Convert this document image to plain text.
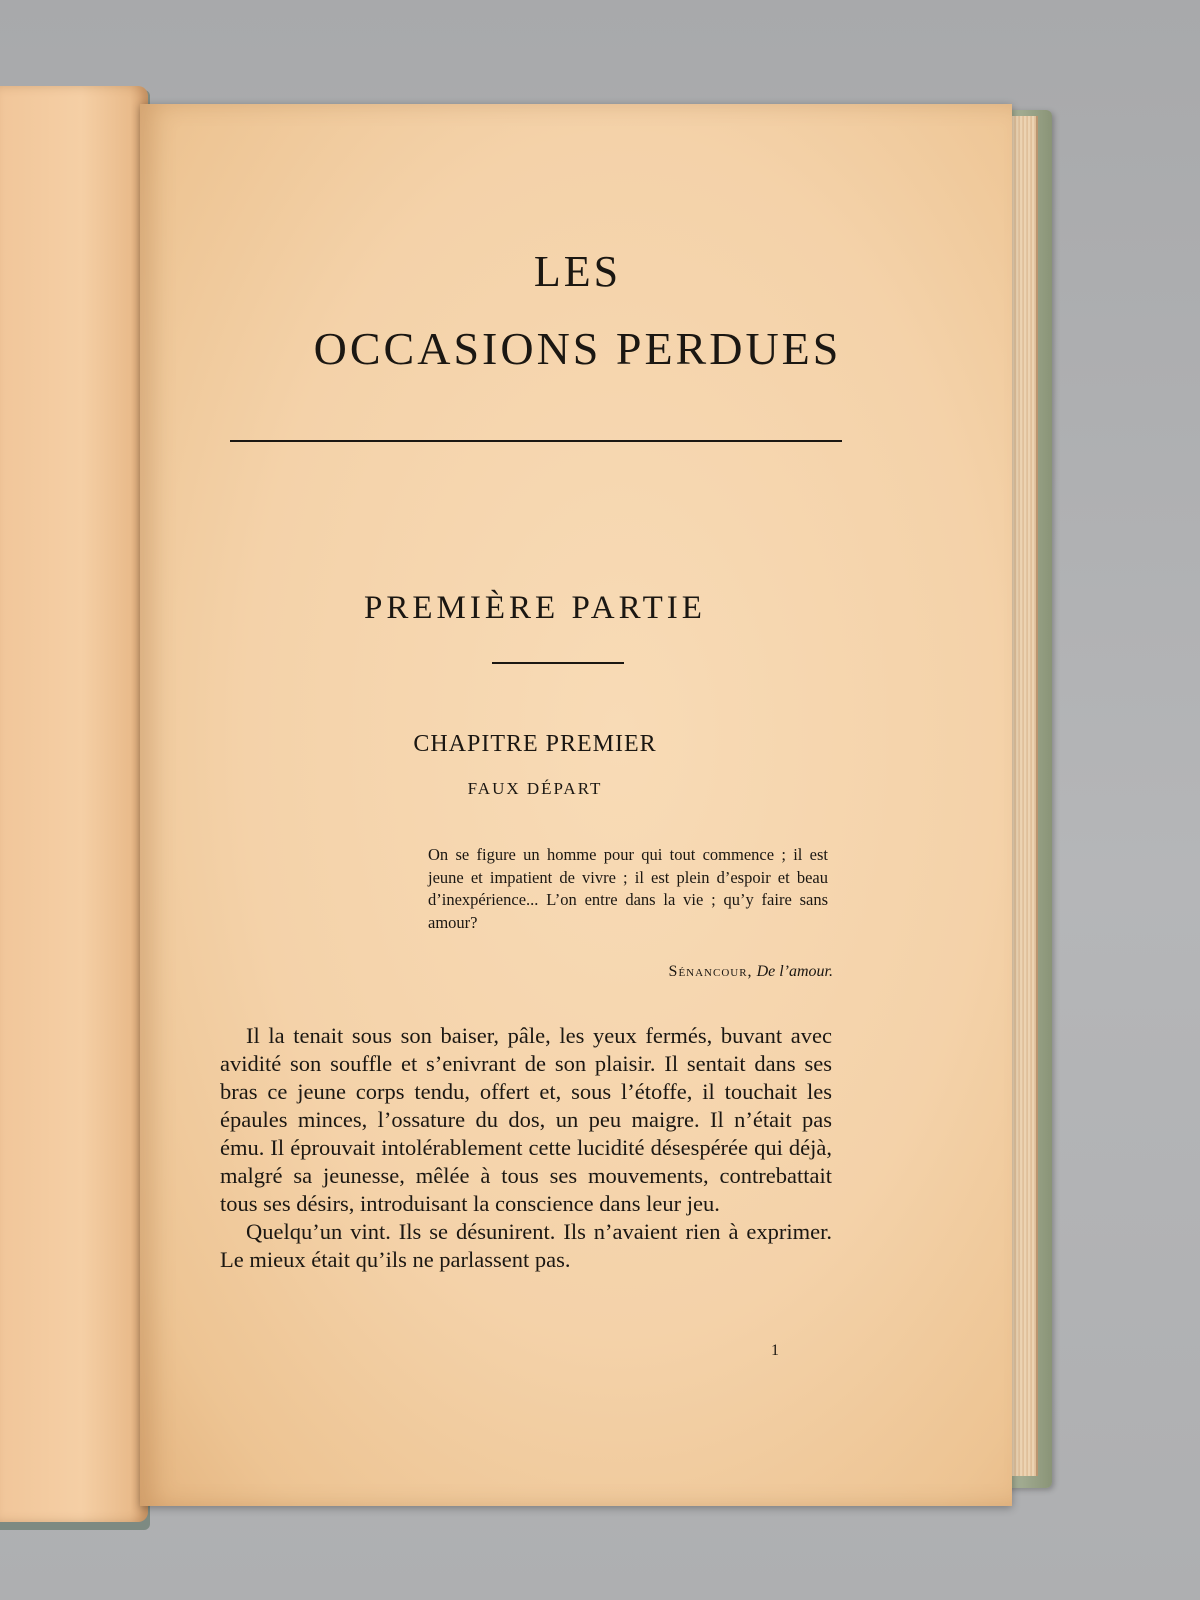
LES
OCCASIONS PERDUES
PREMIÈRE PARTIE
CHAPITRE PREMIER
FAUX DÉPART
On se figure un homme pour qui tout commence ; il est jeune et impatient de vivre ; il est plein d’espoir et beau d’inexpérience... L’on entre dans la vie ; qu’y faire sans amour?
Sénancour, De l’amour.

Il la tenait sous son baiser, pâle, les yeux fermés, buvant avec avidité son souffle et s’enivrant de son plaisir. Il sentait dans ses bras ce jeune corps tendu, offert et, sous l’étoffe, il touchait les épaules minces, l’ossature du dos, un peu maigre. Il n’était pas ému. Il éprouvait intolérablement cette lucidité désespérée qui déjà, malgré sa jeunesse, mêlée à tous ses mouvements, contrebattait tous ses désirs, introduisant la conscience dans leur jeu.

Quelqu’un vint. Ils se désunirent. Ils n’avaient rien à exprimer. Le mieux était qu’ils ne parlassent pas.

1
